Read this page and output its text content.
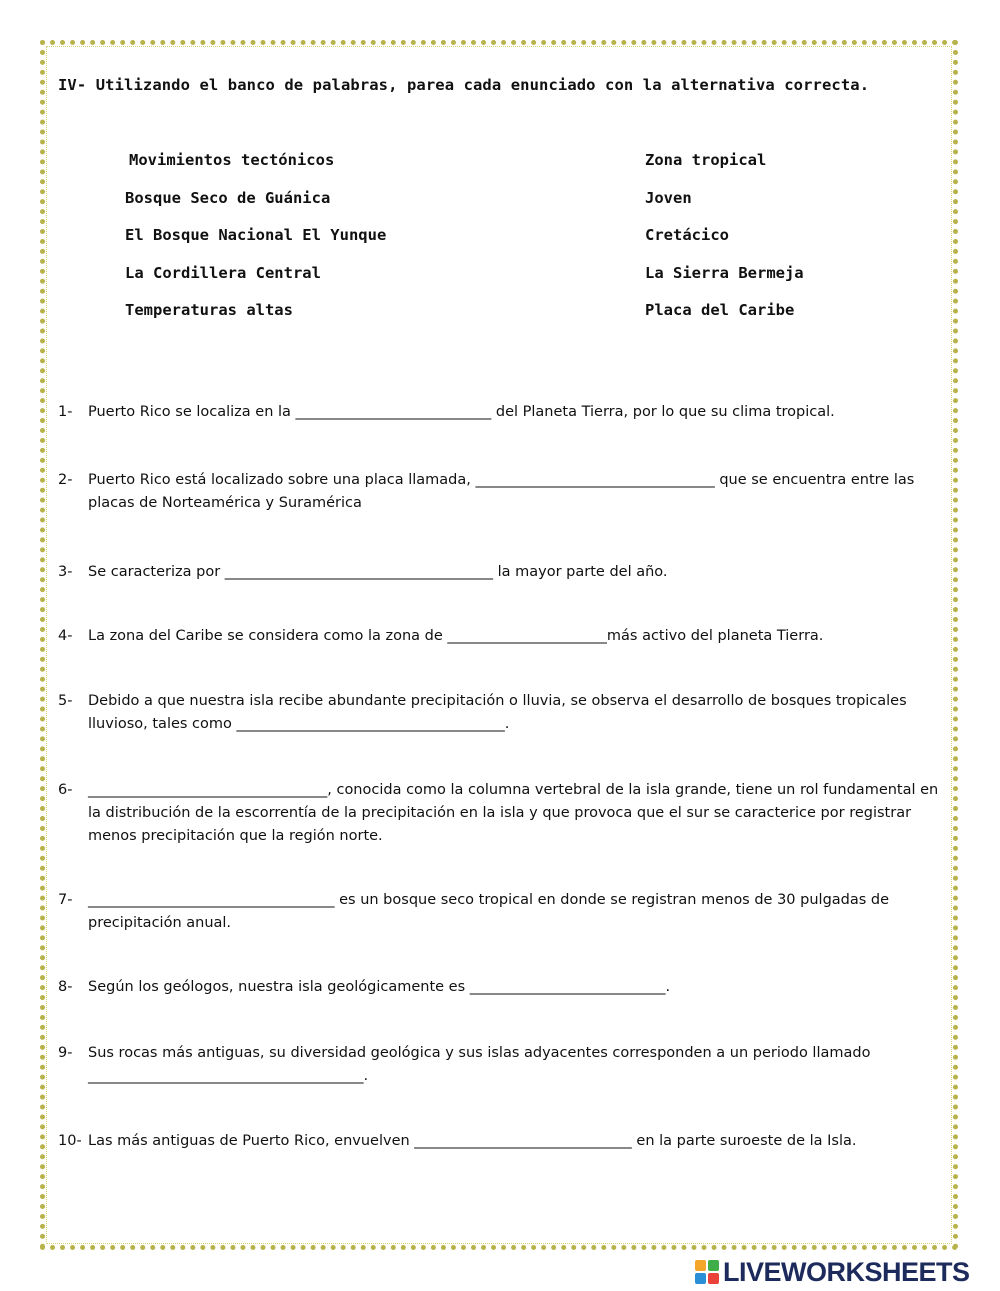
IV- Utilizando el banco de palabras, parea cada enunciado con la alternativa correcta.
Movimientos tectónicos
Bosque Seco de Guánica
El Bosque Nacional El Yunque
La Cordillera Central
Temperaturas altas
Zona tropical
Joven
Cretácico
La Sierra Bermeja
Placa del Caribe
1- Puerto Rico se localiza en la ___________________________ del Planeta Tierra, por lo que su clima tropical.
2- Puerto Rico está localizado sobre una placa llamada, _________________________________ que se encuentra entre las placas de Norteamérica y Suramérica
3- Se caracteriza por _____________________________________ la mayor parte del año.
4- La zona del Caribe se considera como la zona de ______________________más activo del planeta Tierra.
5- Debido a que nuestra isla recibe abundante precipitación o lluvia, se observa el desarrollo de bosques tropicales lluvioso, tales como _____________________________________.
6- _________________________________, conocida como la columna vertebral de la isla grande, tiene un rol fundamental en la distribución de la escorrentía de la precipitación en la isla y que provoca que el sur se caracterice por registrar menos precipitación que la región norte.
7- __________________________________ es un bosque seco tropical en donde se registran menos de 30 pulgadas de precipitación anual.
8- Según los geólogos, nuestra isla geológicamente es ___________________________.
9- Sus rocas más antiguas, su diversidad geológica y sus islas adyacentes corresponden a un periodo llamado ______________________________________.
10- Las más antiguas de Puerto Rico, envuelven ______________________________ en la parte suroeste de la Isla.
LIVEWORKSHEETS
